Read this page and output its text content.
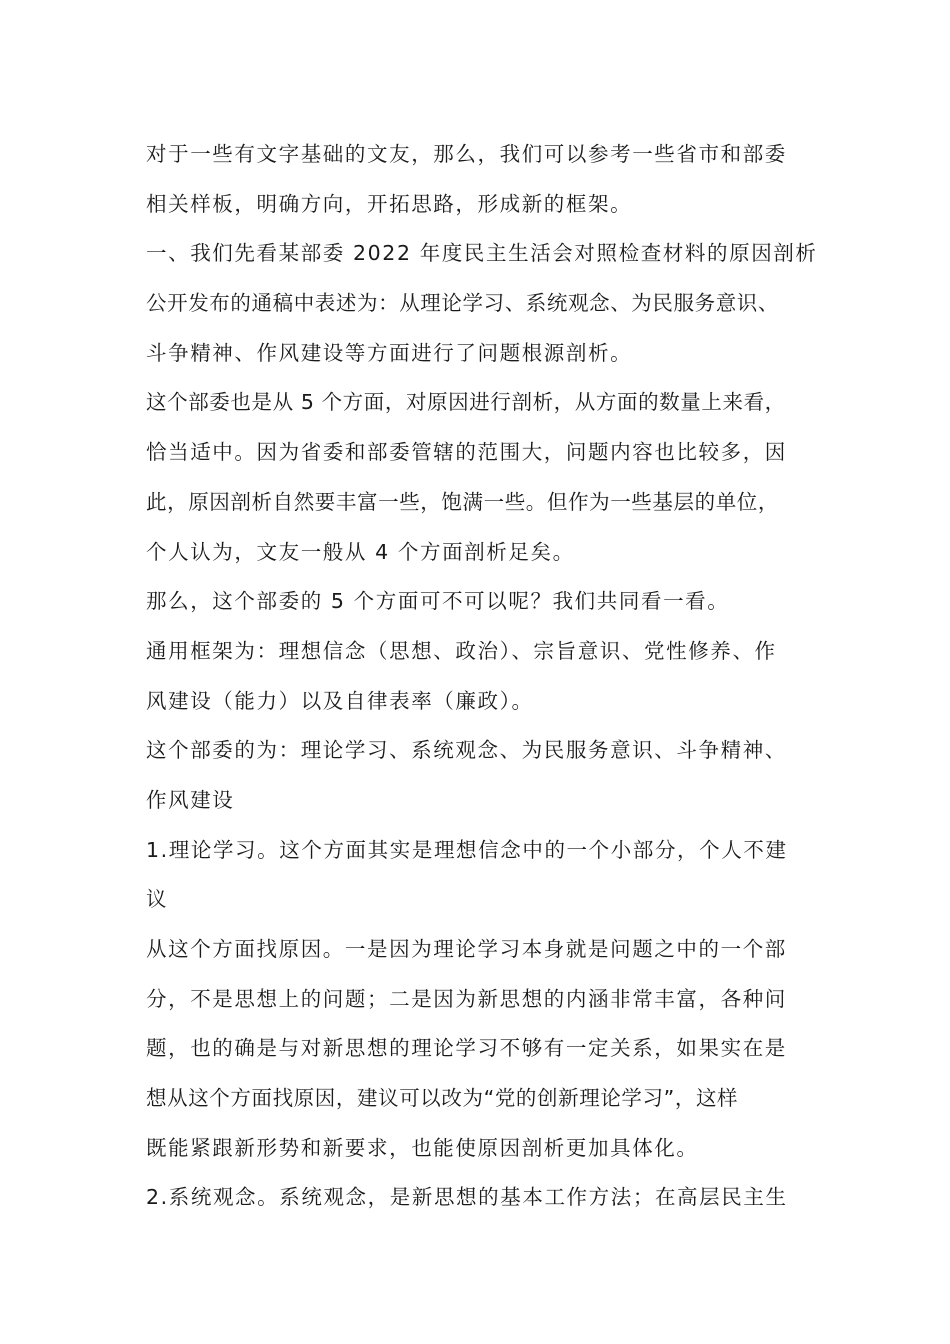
对于一些有文字基础的文友，那么，我们可以参考一些省市和部委
相关样板，明确方向，开拓思路，形成新的框架。
一、我们先看某部委 2022 年度民主生活会对照检查材料的原因剖析
公开发布的通稿中表述为：从理论学习、系统观念、为民服务意识、
斗争精神、作风建设等方面进行了问题根源剖析。
这个部委也是从 5 个方面，对原因进行剖析，从方面的数量上来看，
恰当适中。因为省委和部委管辖的范围大，问题内容也比较多，因
此，原因剖析自然要丰富一些，饱满一些。但作为一些基层的单位，
个人认为，文友一般从 4 个方面剖析足矣。
那么，这个部委的 5 个方面可不可以呢？我们共同看一看。
通用框架为：理想信念（思想、政治）、宗旨意识、党性修养、作
风建设（能力）以及自律表率（廉政）。
这个部委的为：理论学习、系统观念、为民服务意识、斗争精神、
作风建设
1.理论学习。这个方面其实是理想信念中的一个小部分，个人不建
议
从这个方面找原因。一是因为理论学习本身就是问题之中的一个部
分，不是思想上的问题；二是因为新思想的内涵非常丰富，各种问
题，也的确是与对新思想的理论学习不够有一定关系，如果实在是
想从这个方面找原因，建议可以改为“党的创新理论学习”，这样
既能紧跟新形势和新要求，也能使原因剖析更加具体化。
2.系统观念。系统观念，是新思想的基本工作方法；在高层民主生
